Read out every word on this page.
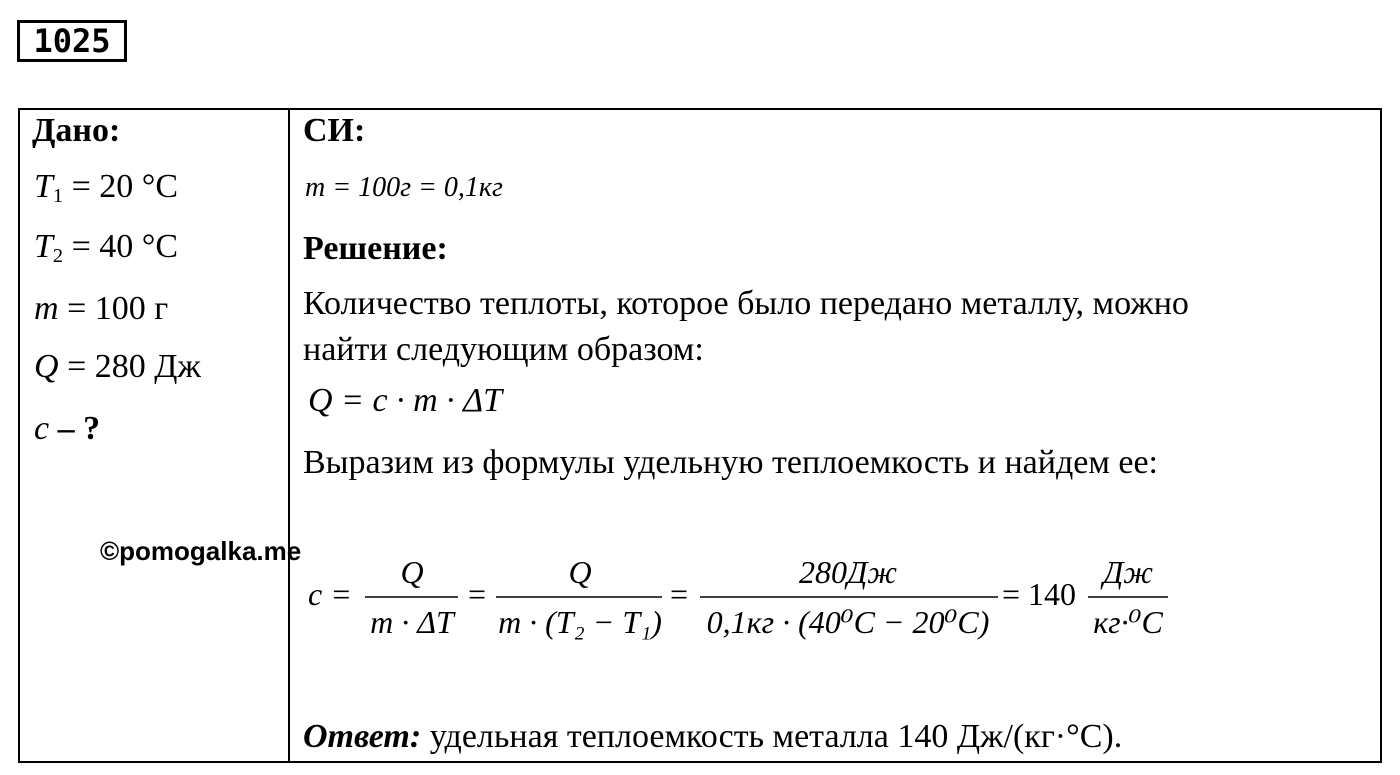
1025
Дано:
$T_1 = 20$ °C
$T_2 = 40$ °C
m = 100 г
Q = 280 Дж
c – ?
СИ:
m = 100г = 0,1кг
Решение:
Количество теплоты, которое было передано металлу, можно
найти следующим образом:
Q = c · m · ΔT
Выразим из формулы удельную теплоемкость и найдем ее:
©pomogalka.me
c =
Q
m · ΔT
=
Q
m · (T₂ − T₁)
=
280Дж
0,1кг · (40⁰C − 20⁰C)
= 140
Дж
кг·⁰C
Ответ: удельная теплоемкость металла 140 Дж/(кг·°С).
